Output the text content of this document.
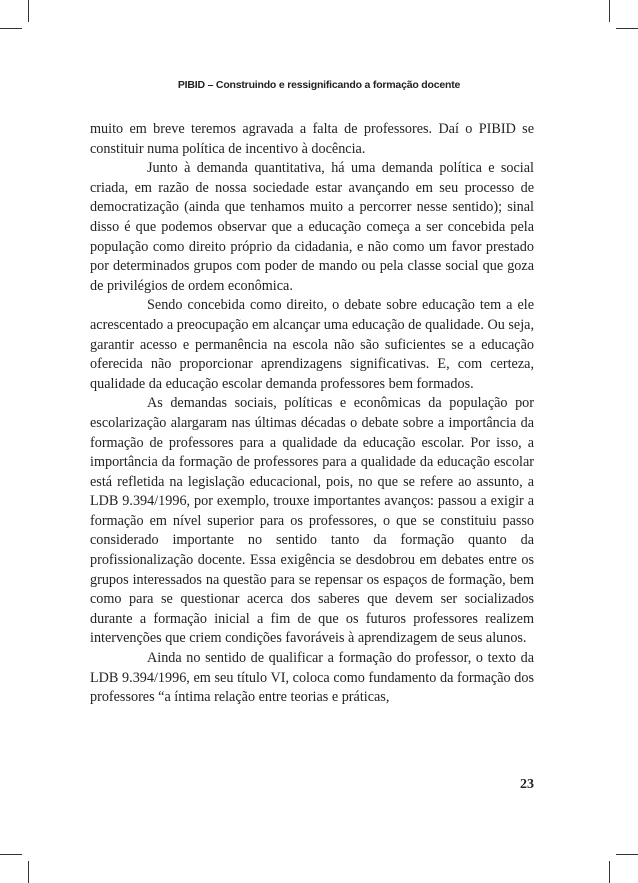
PIBID – Construindo e ressignificando a formação docente

muito em breve teremos agravada a falta de professores. Daí o PIBID se constituir numa política de incentivo à docência.

Junto à demanda quantitativa, há uma demanda política e social criada, em razão de nossa sociedade estar avançando em seu processo de democratização (ainda que tenhamos muito a percorrer nesse sentido); sinal disso é que podemos observar que a educação começa a ser concebida pela população como direito próprio da cidadania, e não como um favor prestado por determinados grupos com poder de mando ou pela classe social que goza de privilégios de ordem econômica.

Sendo concebida como direito, o debate sobre educação tem a ele acrescentado a preocupação em alcançar uma educação de qualidade. Ou seja, garantir acesso e permanência na escola não são suficientes se a educação oferecida não proporcionar aprendizagens significativas. E, com certeza, qualidade da educação escolar demanda professores bem formados.

As demandas sociais, políticas e econômicas da população por escolarização alargaram nas últimas décadas o debate sobre a importância da formação de professores para a qualidade da educação escolar. Por isso, a importância da formação de professores para a qualidade da educação escolar está refletida na legislação educacional, pois, no que se refere ao assunto, a LDB 9.394/1996, por exemplo, trouxe importantes avanços: passou a exigir a formação em nível superior para os professores, o que se constituiu passo considerado importante no sentido tanto da formação quanto da profissionalização docente. Essa exigência se desdobrou em debates entre os grupos interessados na questão para se repensar os espaços de formação, bem como para se questionar acerca dos saberes que devem ser socializados durante a formação inicial a fim de que os futuros professores realizem intervenções que criem condições favoráveis à aprendizagem de seus alunos.

Ainda no sentido de qualificar a formação do professor, o texto da LDB 9.394/1996, em seu título VI, coloca como fundamento da formação dos professores “a íntima relação entre teorias e práticas,

23
